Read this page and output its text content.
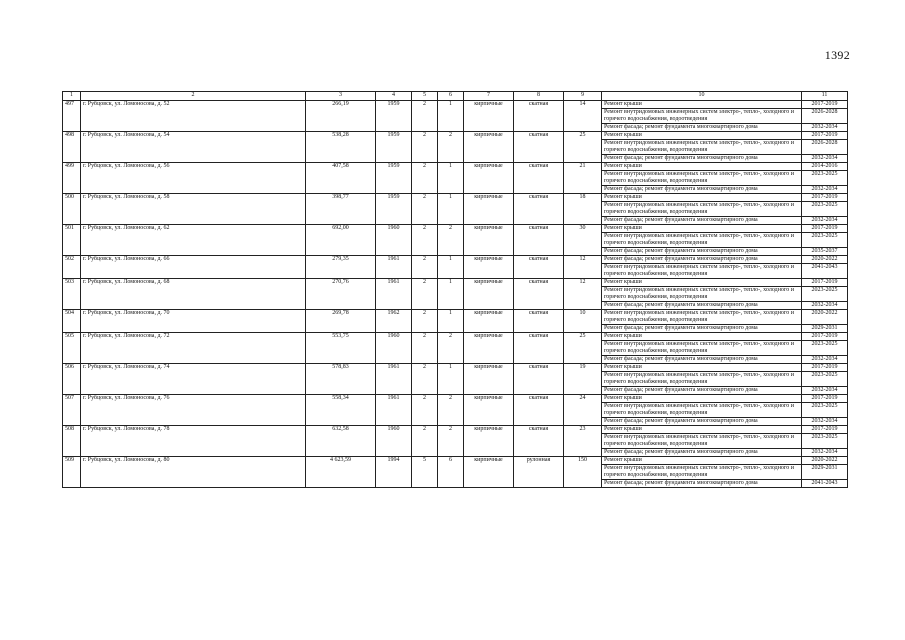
1392
1	2	3	4	5	6	7	8	9	10	11
497	г. Рубцовск, ул. Ломоносова, д. 52	266,19	1959	2	1	кирпичные	скатная	14	Ремонт крыши	2017-2019
									Ремонт внутридомовых инженерных систем электро-, тепло-, холодного и горячего водоснабжения, водоотведения	2026-2028
									Ремонт фасада; ремонт фундамента многоквартирного дома	2032-2034
498	г. Рубцовск, ул. Ломоносова, д. 54	538,28	1959	2	2	кирпичные	скатная	25	Ремонт крыши	2017-2019
									Ремонт внутридомовых инженерных систем электро-, тепло-, холодного и горячего водоснабжения, водоотведения	2026-2028
									Ремонт фасада; ремонт фундамента многоквартирного дома	2032-2034
499	г. Рубцовск, ул. Ломоносова, д. 56	407,58	1959	2	1	кирпичные	скатная	21	Ремонт крыши	2014-2016
									Ремонт внутридомовых инженерных систем электро-, тепло-, холодного и горячего водоснабжения, водоотведения	2023-2025
									Ремонт фасада; ремонт фундамента многоквартирного дома	2032-2034
500	г. Рубцовск, ул. Ломоносова, д. 58	398,77	1959	2	1	кирпичные	скатная	18	Ремонт крыши	2017-2019
									Ремонт внутридомовых инженерных систем электро-, тепло-, холодного и горячего водоснабжения, водоотведения	2023-2025
									Ремонт фасада; ремонт фундамента многоквартирного дома	2032-2034
501	г. Рубцовск, ул. Ломоносова, д. 62	692,00	1960	2	2	кирпичные	скатная	30	Ремонт крыши	2017-2019
									Ремонт внутридомовых инженерных систем электро-, тепло-, холодного и горячего водоснабжения, водоотведения	2023-2025
									Ремонт фасада; ремонт фундамента многоквартирного дома	2035-2037
502	г. Рубцовск, ул. Ломоносова, д. 66	279,35	1961	2	1	кирпичные	скатная	12	Ремонт фасада; ремонт фундамента многоквартирного дома	2020-2022
									Ремонт внутридомовых инженерных систем электро-, тепло-, холодного и горячего водоснабжения, водоотведения	2041-2043
503	г. Рубцовск, ул. Ломоносова, д. 68	270,76	1961	2	1	кирпичные	скатная	12	Ремонт крыши	2017-2019
									Ремонт внутридомовых инженерных систем электро-, тепло-, холодного и горячего водоснабжения, водоотведения	2023-2025
									Ремонт фасада; ремонт фундамента многоквартирного дома	2032-2034
504	г. Рубцовск, ул. Ломоносова, д. 70	269,78	1962	2	1	кирпичные	скатная	10	Ремонт внутридомовых инженерных систем электро-, тепло-, холодного и горячего водоснабжения, водоотведения	2020-2022
									Ремонт фасада; ремонт фундамента многоквартирного дома	2029-2031
505	г. Рубцовск, ул. Ломоносова, д. 72	553,75	1960	2	2	кирпичные	скатная	25	Ремонт крыши	2017-2019
									Ремонт внутридомовых инженерных систем электро-, тепло-, холодного и горячего водоснабжения, водоотведения	2023-2025
									Ремонт фасада; ремонт фундамента многоквартирного дома	2032-2034
506	г. Рубцовск, ул. Ломоносова, д. 74	578,83	1961	2	1	кирпичные	скатная	19	Ремонт крыши	2017-2019
									Ремонт внутридомовых инженерных систем электро-, тепло-, холодного и горячего водоснабжения, водоотведения	2023-2025
									Ремонт фасада; ремонт фундамента многоквартирного дома	2032-2034
507	г. Рубцовск, ул. Ломоносова, д. 76	558,34	1961	2	2	кирпичные	скатная	24	Ремонт крыши	2017-2019
									Ремонт внутридомовых инженерных систем электро-, тепло-, холодного и горячего водоснабжения, водоотведения	2023-2025
									Ремонт фасада; ремонт фундамента многоквартирного дома	2032-2034
508	г. Рубцовск, ул. Ломоносова, д. 78	632,58	1960	2	2	кирпичные	скатная	23	Ремонт крыши	2017-2019
									Ремонт внутридомовых инженерных систем электро-, тепло-, холодного и горячего водоснабжения, водоотведения	2023-2025
									Ремонт фасада; ремонт фундамента многоквартирного дома	2032-2034
509	г. Рубцовск, ул. Ломоносова, д. 80	4 623,59	1994	5	6	кирпичные	рулонная	150	Ремонт крыши	2020-2022
									Ремонт внутридомовых инженерных систем электро-, тепло-, холодного и горячего водоснабжения, водоотведения	2029-2031
									Ремонт фасада; ремонт фундамента многоквартирного дома	2041-2043
